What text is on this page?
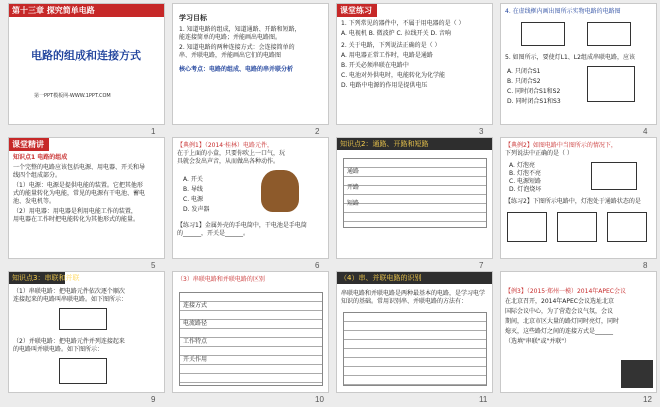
第十三章 探究简单电路
电路的组成和连接方式
第一PPT模板网-WWW.1PPT.COM
1
学习目标
1. 知道电路的组成，知道通路、开路和短路，
能连接简单的电路；并能画出电路图。
2. 知道电路的两种连接方式：会连接简单的
串、并联电路，并能画出它们的电路图
核心考点：电路的组成、电路的串并联分析
2
课堂练习
1. 下列常见的器件中，不属于用电器的是（ ）
A. 电视机 B. 微波炉 C. 拉线开关 D. 音响
2. 关于电路，下列说法正确的是（ ）
A. 用电器正常工作时，电路是通路
B. 开关必须串联在电路中
C. 电池对外供电时，电能转化为化学能
D. 电路中电源的作用是提供电压
3
4. 在虚线框内画出图所示实物电路的电路图
5. 如图所示，要使灯L1、L2组成串联电路，应该
A. 只闭合S1
B. 只闭合S2
C. 同时闭合S1和S2
D. 同时闭合S1和S3
4
课堂精讲
知识点1 电路的组成
一个完整的电路应该包括电源、用电器、开关和导
线四个组成部分。
（1）电源：电源是提供电能的装置。它把其他形
式的能量转化为电能，常见的电源有干电池、蓄电
池、发电机等。
（2）用电器：用电器是利用电能工作的装置，
用电器在工作时把电能转化为其他形式的能量。
5
【典例1】（2014·桂林）电路元件，
在于上面的小盒，只要你吹上一口气，玩
具就会发出声音，从而做出各种动作。
A. 开关
B. 导线
C. 电源
D. 发声器
【练习1】金属外壳的手电筒中，干电池是手电筒
的______，开关是______。
6
知识点2：通路、开路和短路
通路
开路
短路
7
【典例2】如图电路中当图所示的情况下，
下列说法中正确的是（ ）
A. 灯泡亮
B. 灯泡不亮
C. 电源短路
D. 灯泡烧坏
【练习2】下图所示电路中，灯泡处于通路状态的是
8
知识点3：串联和并联
（1）串联电路：把电路元件依次逐个顺次
连接起来的电路叫串联电路。如下图所示：
（2）并联电路：把电路元件并列连接起来
的电路叫并联电路。如下图所示：
9
（3）串联电路和并联电路的区别
连接方式
电流路径
工作特点
开关作用
10
（4）串、并联电路的识别
串联电路和并联电路是两种最基本的电路，是学习电学
知识的基础。常用识别串、并联电路的方法有：
11
【例3】（2015·郑州一模）2014年APEC会议
在北京召开，2014年APEC会议选址北京
国际会议中心，为了营造会议气氛，会议
期间，北京市区大量的路灯同时亮灯，同时
熄灭，这些路灯之间的连接方式是______
（选填"串联"或"并联"）
12
